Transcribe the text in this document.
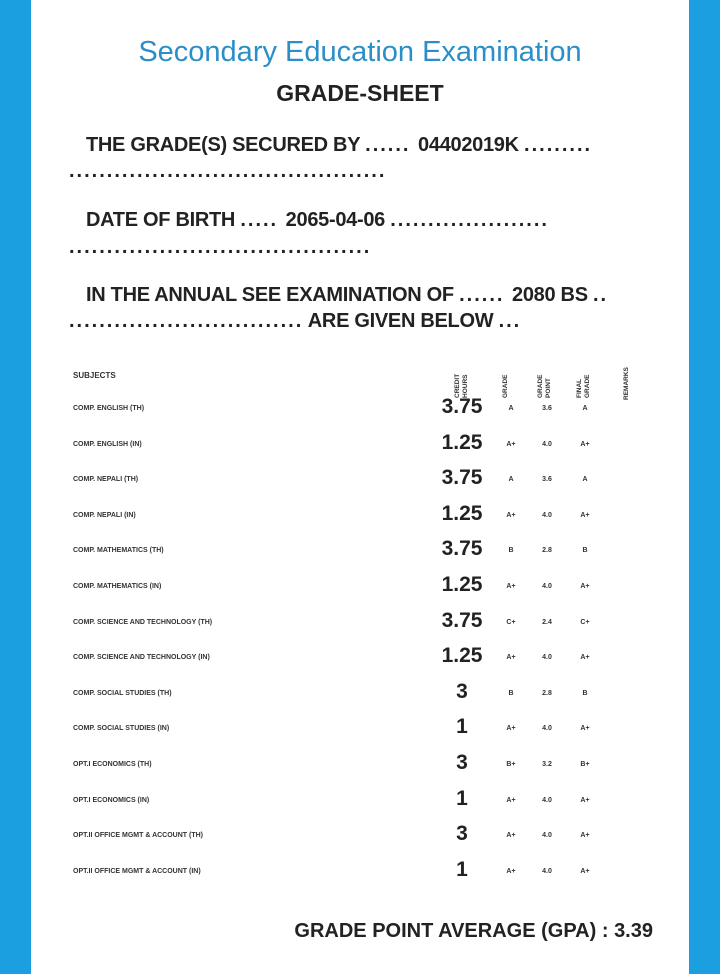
Secondary Education Examination
GRADE-SHEET
THE GRADE(S) SECURED BY ...... 04402019K .........
..........................................
DATE OF BIRTH ..... 2065-04-06 .....................
........................................
IN THE ANNUAL SEE EXAMINATION OF ...... 2080 BS ..
............................... ARE GIVEN BELOW ...
SUBJECTS	CREDIT HOURS	GRADE	GRADE POINT	FINAL GRADE	REMARKS
COMP. ENGLISH (TH)	3.75	A	3.6	A
COMP. ENGLISH (IN)	1.25	A+	4.0	A+
COMP. NEPALI (TH)	3.75	A	3.6	A
COMP. NEPALI (IN)	1.25	A+	4.0	A+
COMP. MATHEMATICS (TH)	3.75	B	2.8	B
COMP. MATHEMATICS (IN)	1.25	A+	4.0	A+
COMP. SCIENCE AND TECHNOLOGY (TH)	3.75	C+	2.4	C+
COMP. SCIENCE AND TECHNOLOGY (IN)	1.25	A+	4.0	A+
COMP. SOCIAL STUDIES (TH)	3	B	2.8	B
COMP. SOCIAL STUDIES (IN)	1	A+	4.0	A+
OPT.I ECONOMICS (TH)	3	B+	3.2	B+
OPT.I ECONOMICS (IN)	1	A+	4.0	A+
OPT.II OFFICE MGMT & ACCOUNT (TH)	3	A+	4.0	A+
OPT.II OFFICE MGMT & ACCOUNT (IN)	1	A+	4.0	A+
GRADE POINT AVERAGE (GPA) : 3.39
